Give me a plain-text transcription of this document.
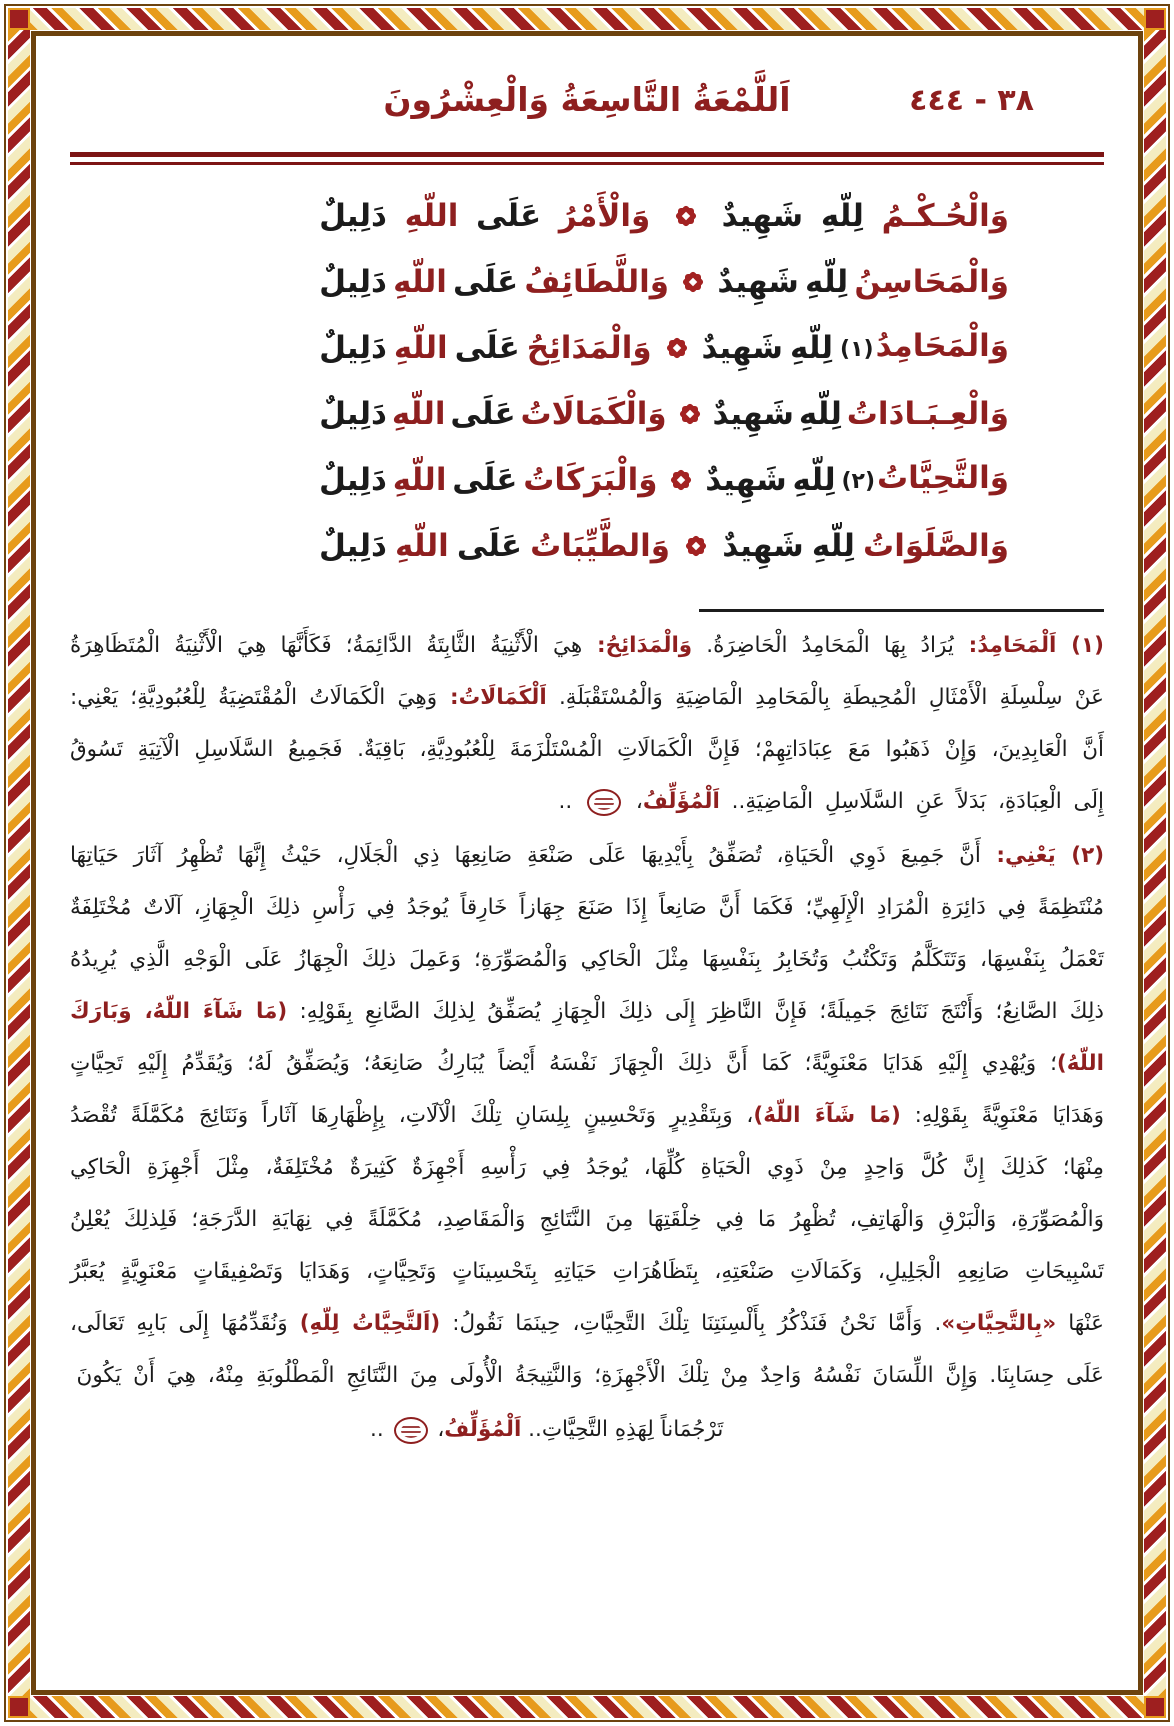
اَللَّمْعَةُ التَّاسِعَةُ وَالْعِشْرُونَ	٣٨ - ٤٤٤
وَالْحُـكْـمُ
لِلّهِ
شَهِيدٌ
وَالْأَمْرُ
عَلَى
اللّهِ
دَلِيلٌ
وَالْمَحَاسِنُ
لِلّهِ
شَهِيدٌ
وَاللَّطَائِفُ
عَلَى
اللّهِ
دَلِيلٌ
وَالْمَحَامِدُ
(١)
لِلّهِ
شَهِيدٌ
وَالْمَدَائِحُ
عَلَى
اللّهِ
دَلِيلٌ
وَالْعِـبَـادَاتُ
لِلّهِ
شَهِيدٌ
وَالْكَمَالَاتُ
عَلَى
اللّهِ
دَلِيلٌ
وَالتَّحِيَّاتُ
(٢)
لِلّهِ
شَهِيدٌ
وَالْبَرَكَاتُ
عَلَى
اللّهِ
دَلِيلٌ
وَالصَّلَوَاتُ
لِلّهِ
شَهِيدٌ
وَالطَّيِّبَاتُ
عَلَى
اللّهِ
دَلِيلٌ

(١) اَلْمَحَامِدُ: يُرَادُ بِهَا الْمَحَامِدُ الْحَاضِرَةُ. وَالْمَدَائِحُ: هِيَ الْأَثْنِيَةُ الثَّابِتَةُ الدَّائِمَةُ؛ فَكَأَنَّهَا هِيَ الْأَثْنِيَةُ الْمُتَظَاهِرَةُ عَنْ سِلْسِلَةِ الْأَمْثَالِ الْمُحِيطَةِ بِالْمَحَامِدِ الْمَاضِيَةِ وَالْمُسْتَقْبَلَةِ. اَلْكَمَالَاتُ: وَهِيَ الْكَمَالَاتُ الْمُقْتَضِيَةُ لِلْعُبُودِيَّةِ؛ يَعْنِي: أَنَّ الْعَابِدِينَ، وَإِنْ ذَهَبُوا مَعَ عِبَادَاتِهِمْ؛ فَإِنَّ الْكَمَالَاتِ الْمُسْتَلْزَمَةَ لِلْعُبُودِيَّةِ، بَاقِيَةٌ. فَجَمِيعُ السَّلَاسِلِ الْآتِيَةِ تَسُوقُ إِلَى الْعِبَادَةِ، بَدَلاً عَنِ السَّلَاسِلِ الْمَاضِيَةِ.. اَلْمُؤَلِّفُ،  ..

(٢) يَعْنِي: أَنَّ جَمِيعَ ذَوِي الْحَيَاةِ، تُصَفِّقُ بِأَيْدِيهَا عَلَى صَنْعَةِ صَانِعِهَا ذِي الْجَلَالِ، حَيْثُ إِنَّهَا تُظْهِرُ آثَارَ حَيَاتِهَا مُنْتَظِمَةً فِي دَائِرَةِ الْمُرَادِ الْإِلَهِيِّ؛ فَكَمَا أَنَّ صَانِعاً إِذَا صَنَعَ جِهَازاً خَارِقاً يُوجَدُ فِي رَأْسِ ذلِكَ الْجِهَازِ، آلَاتٌ مُخْتَلِفَةٌ تَعْمَلُ بِنَفْسِهَا، وَتَتَكَلَّمُ وَتَكْتُبُ وَتُخَابِرُ بِنَفْسِهَا مِثْلَ الْحَاكِي وَالْمُصَوِّرَةِ؛ وَعَمِلَ ذلِكَ الْجِهَازُ عَلَى الْوَجْهِ الَّذِي يُرِيدُهُ ذلِكَ الصَّانِعُ؛ وَأَنْتَجَ نَتَائِجَ جَمِيلَةً؛ فَإِنَّ النَّاظِرَ إِلَى ذلِكَ الْجِهَازِ يُصَفِّقُ لِذلِكَ الصَّانِعِ بِقَوْلِهِ: (مَا شَآءَ اللّهُ، وَبَارَكَ اللّهُ)؛ وَيُهْدِي إِلَيْهِ هَدَايَا مَعْنَوِيَّةً؛ كَمَا أَنَّ ذلِكَ الْجِهَازَ نَفْسَهُ أَيْضاً يُبَارِكُ صَانِعَهُ؛ وَيُصَفِّقُ لَهُ؛ وَيُقَدِّمُ إِلَيْهِ تَحِيَّاتٍ وَهَدَايَا مَعْنَوِيَّةً بِقَوْلِهِ: (مَا شَآءَ اللّهُ)، وَبِتَقْدِيرٍ وَتَحْسِينٍ بِلِسَانِ تِلْكَ الْآلَاتِ، بِإِظْهَارِهَا آثَاراً وَنَتَائِجَ مُكَمَّلَةً تُقْصَدُ مِنْهَا؛ كَذلِكَ إِنَّ كُلَّ وَاحِدٍ مِنْ ذَوِي الْحَيَاةِ كُلِّهَا، يُوجَدُ فِي رَأْسِهِ أَجْهِزَةٌ كَثِيرَةٌ مُخْتَلِفَةٌ، مِثْلَ أَجْهِزَةِ الْحَاكِي وَالْمُصَوِّرَةِ، وَالْبَرْقِ وَالْهَاتِفِ، تُظْهِرُ مَا فِي خِلْقَتِهَا مِنَ النَّتَائِجِ وَالْمَقَاصِدِ، مُكَمَّلَةً فِي نِهَايَةِ الدَّرَجَةِ؛ فَلِذلِكَ يُعْلِنُ تَسْبِيحَاتِ صَانِعِهِ الْجَلِيلِ، وَكَمَالَاتِ صَنْعَتِهِ، بِتَظَاهُرَاتِ حَيَاتِهِ بِتَحْسِينَاتٍ وَتَحِيَّاتٍ، وَهَدَايَا وَتَصْفِيقَاتٍ مَعْنَوِيَّةٍ يُعَبَّرُ عَنْهَا «بِالتَّحِيَّاتِ». وَأَمَّا نَحْنُ فَنَذْكُرُ بِأَلْسِنَتِنَا تِلْكَ التَّحِيَّاتِ، حِينَمَا نَقُولُ: (اَلتَّحِيَّاتُ لِلّهِ) وَنُقَدِّمُهَا إِلَى بَابِهِ تَعَالَى، عَلَى حِسَابِنَا. وَإِنَّ اللِّسَانَ نَفْسُهُ وَاحِدٌ مِنْ تِلْكَ الْأَجْهِزَةِ؛ وَالنَّتِيجَةُ الْأُولَى مِنَ النَّتَائِجِ الْمَطْلُوبَةِ مِنْهُ، هِيَ أَنْ يَكُونَ

تَرْجُمَاناً لِهَذِهِ التَّحِيَّاتِ.. اَلْمُؤَلِّفُ،  ..
